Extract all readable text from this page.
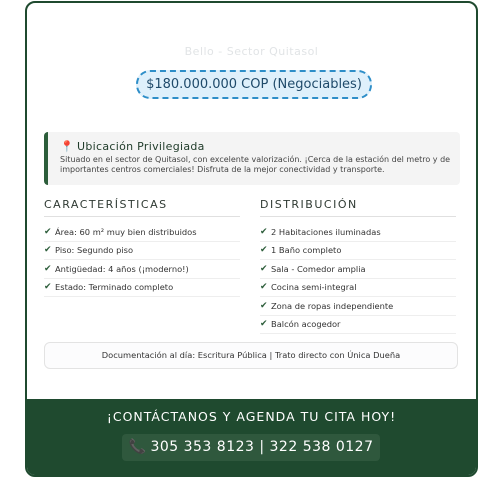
Bello - Sector Quitasol
$180.000.000 COP (Negociables)
📍 Ubicación Privilegiada
Situado en el sector de Quitasol, con excelente valorización. ¡Cerca de la estación del metro y de importantes centros comerciales! Disfruta de la mejor conectividad y transporte.
CARACTERÍSTICAS	DISTRIBUCIÓN
✔ Área: 60 m² muy bien distribuidos
✔ Piso: Segundo piso
✔ Antigüedad: 4 años (¡moderno!)
✔ Estado: Terminado completo
✔ 2 Habitaciones iluminadas
✔ 1 Baño completo
✔ Sala - Comedor amplia
✔ Cocina semi-integral
✔ Zona de ropas independiente
✔ Balcón acogedor
Documentación al día: Escritura Pública | Trato directo con Única Dueña
¡CONTÁCTANOS Y AGENDA TU CITA HOY!
📞 305 353 8123 | 322 538 0127
